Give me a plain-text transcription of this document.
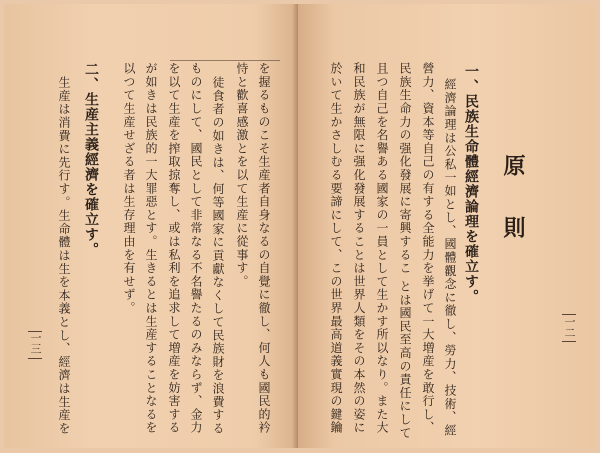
を握るものこそ生産者自身なるの自覺に徹し、何人も國民的衿
恃と歡喜感激とを以て生産に從事す。
徒食者の如きは、何等國家に貢獻なくして民族財を浪費する
ものにして、國民として非常なる不名譽たるのみならず、金力
を以て生産を搾取掠奪し、或は私利を追求して増産を妨害する
が如きは民族的一大罪惡とす。生きるとは生産することなるを
以つて生産せざる者は生存理由を有せず。
二、生産主義經濟を確立す。
生産は消費に先行す。生命體は生を本義とし、經濟は生産を
一三
原
則
一、民族生命體經濟論理を確立す。
經濟論理は公私一如とし、國體觀念に徹し、勞力、技術、經
營力、資本等自己の有する全能力を挙げて一大増産を敢行し、
民族生命力の强化發展に寄興するこ とは國民至高の責任にして
且つ自己を名譽ある國家の一員として生かす所以なり。また大
和民族が無限に强化發展することは世界人類をその本然の姿に
於いて生かさしむる要諦にして、この世界最高道義實現の鍵鑰	一二
